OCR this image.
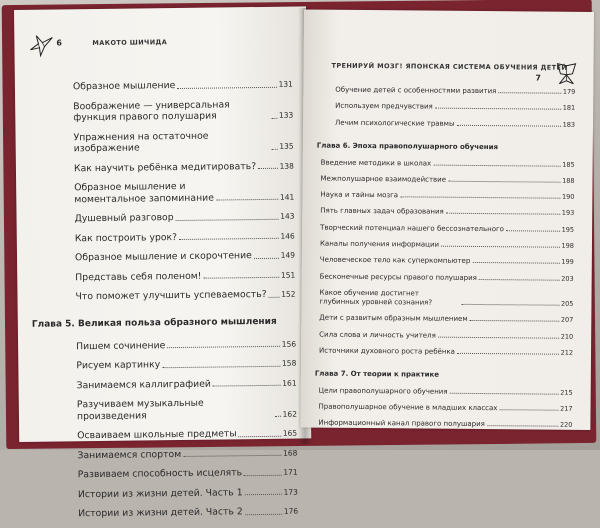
6	МАКОТО ШИЧИДА
Образное мышление	131
Воображение — универсальная функция правого полушария	133
Упражнения на остаточное изображение	135
Как научить ребёнка медитировать?	138
Образное мышление и моментальное запоминание	141
Душевный разговор	143
Как построить урок?	146
Образное мышление и скорочтение	149
Представь себя поленом!	151
Что поможет улучшить успеваемость? 152
Глава 5. Великая польза образного мышления
Пишем сочинение	156
Рисуем картинку	158
Занимаемся каллиграфией	161
Разучиваем музыкальные произведения	162
Осваиваем школьные предметы	165
Занимаемся спортом	168
Развиваем способность исцелять	171
Истории из жизни детей. Часть 1	173
Истории из жизни детей. Часть 2	176
ТРЕНИРУЙ МОЗГ! ЯПОНСКАЯ СИСТЕМА ОБУЧЕНИЯ ДЕТЕЙ
7
Обучение детей с особенностями развития	179
Используем предчувствия	181
Лечим психологические травмы	183
Глава 6. Эпоха правополушарного обучения
Введение методики в школах	185
Межполушарное взаимодействие	188
Наука и тайны мозга	190
Пять главных задач образования	193
Творческий потенциал нашего бессознательного	195
Каналы получения информации	198
Человеческое тело как суперкомпьютер	199
Бесконечные ресурсы правого полушария	203
Какое обучение достигнет глубинных уровней сознания?	205
Дети с развитым образным мышлением	207
Сила слова и личность учителя	210
Источники духовного роста ребёнка	212
Глава 7. От теории к практике
Цели правополушарного обучения	215
Правополушарное обучение в младших классах	217
Информационный канал правого полушария	220
